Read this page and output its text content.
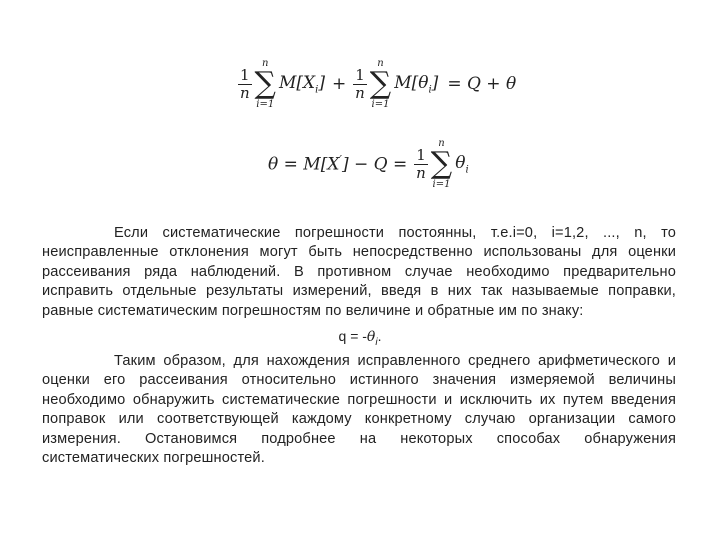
$\frac{1}{n}$
n
∑
i=1
$M[X_i] + \frac{1}{n}$
n
∑
i=1
$M[\theta_i] = Q + \theta$
$\theta = M[X'] - Q = \frac{1}{n}$
n
∑
i=1
$\theta_i$

Если систематические погрешности постоянны, т.е.i=0, i=1,2, ..., n, то неисправленные отклонения могут быть непосредственно использованы для оценки рассеивания ряда наблюдений. В противном случае необходимо предварительно исправить отдельные результаты измерений, введя в них так называемые поправки, равные систематическим погрешностям по величине и обратные им по знаку:

$q = -\theta_i$.

Таким образом, для нахождения исправленного среднего арифметического и оценки его рассеивания относительно истинного значения измеряемой величины необходимо обнаружить систематические погрешности и исключить их путем введения поправок или соответствующей каждому конкретному случаю организации самого измерения. Остановимся подробнее на некоторых способах обнаружения систематических погрешностей.
